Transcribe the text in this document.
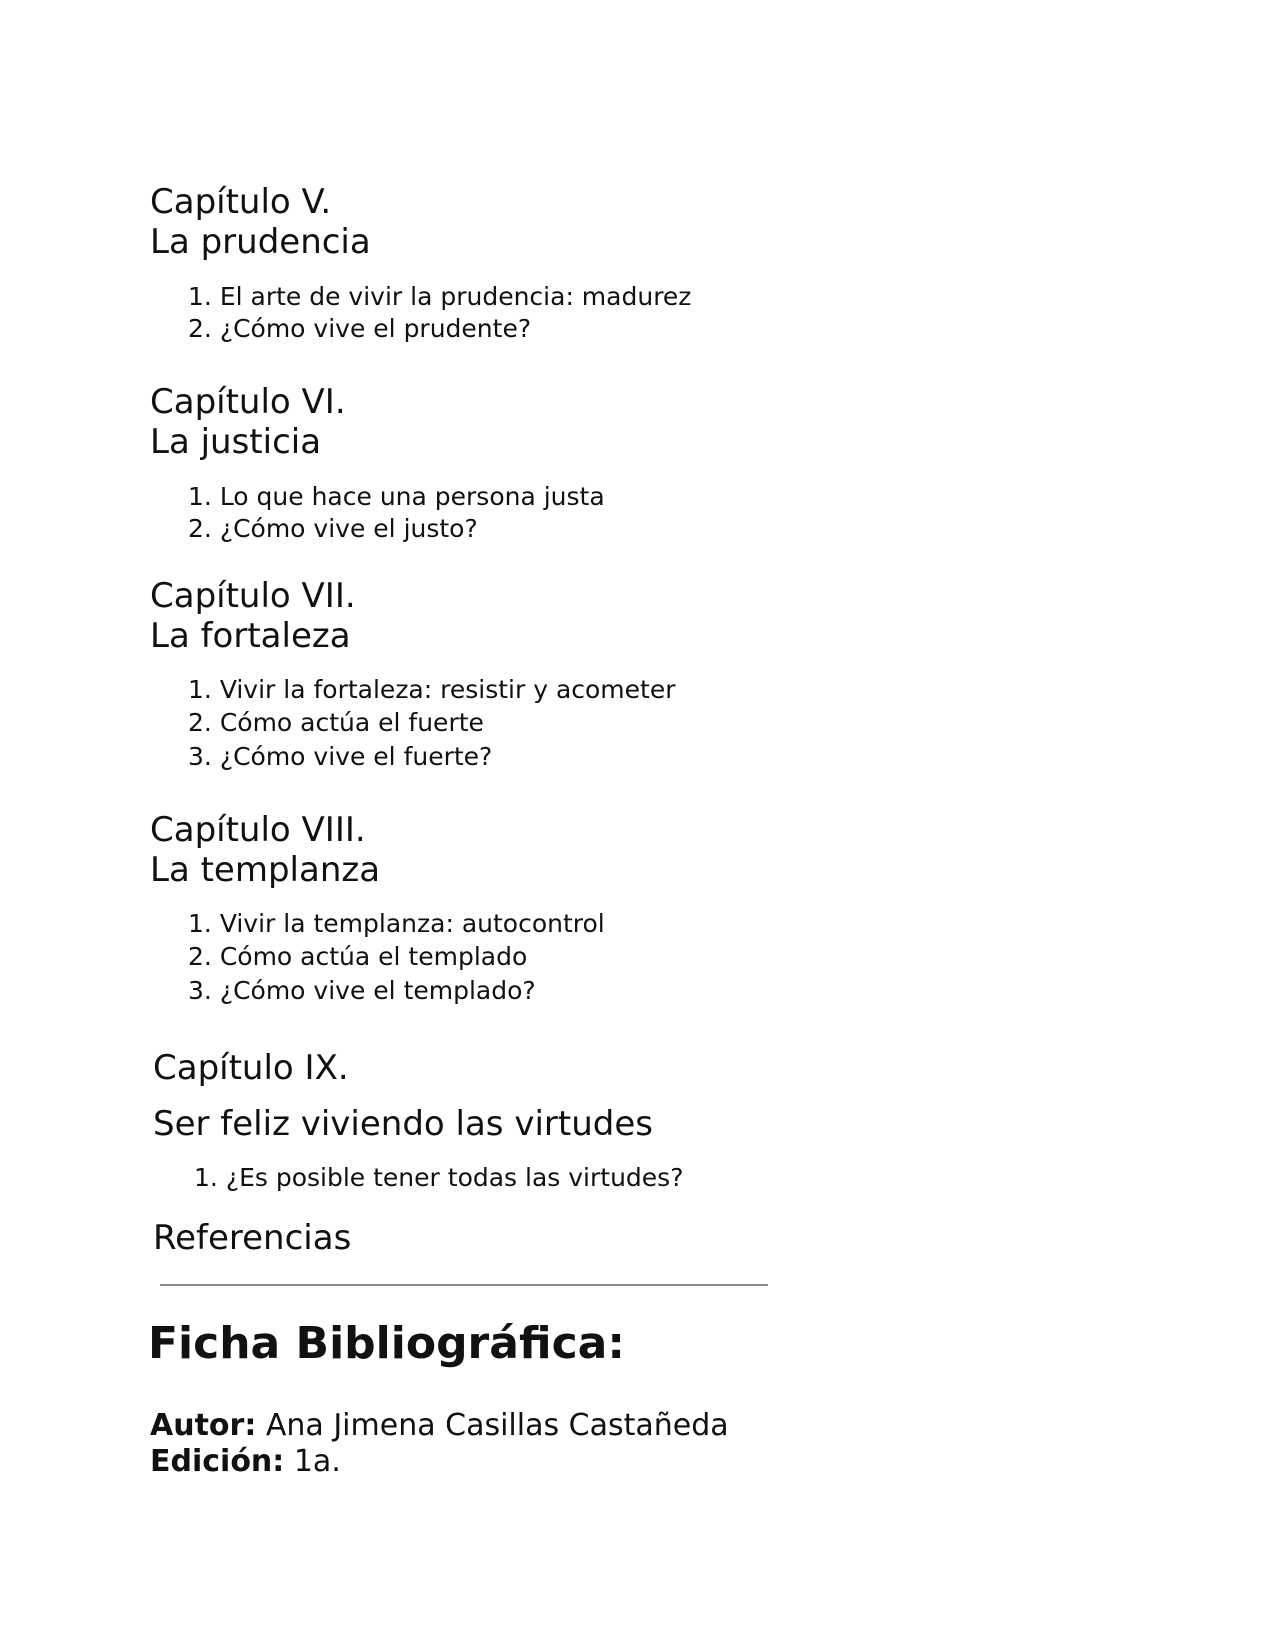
Capítulo V.
La prudencia

1. El arte de vivir la prudencia: madurez

2. ¿Cómo vive el prudente?

Capítulo VI.
La justicia

1. Lo que hace una persona justa

2. ¿Cómo vive el justo?

Capítulo VII.
La fortaleza

1. Vivir la fortaleza: resistir y acometer

2. Cómo actúa el fuerte

3. ¿Cómo vive el fuerte?

Capítulo VIII.
La templanza

1. Vivir la templanza: autocontrol

2. Cómo actúa el templado

3. ¿Cómo vive el templado?

Capítulo IX.
Ser feliz viviendo las virtudes

1. ¿Es posible tener todas las virtudes?

Referencias
Ficha Bibliográfica:

Autor: Ana Jimena Casillas Castañeda

Edición: 1a.
